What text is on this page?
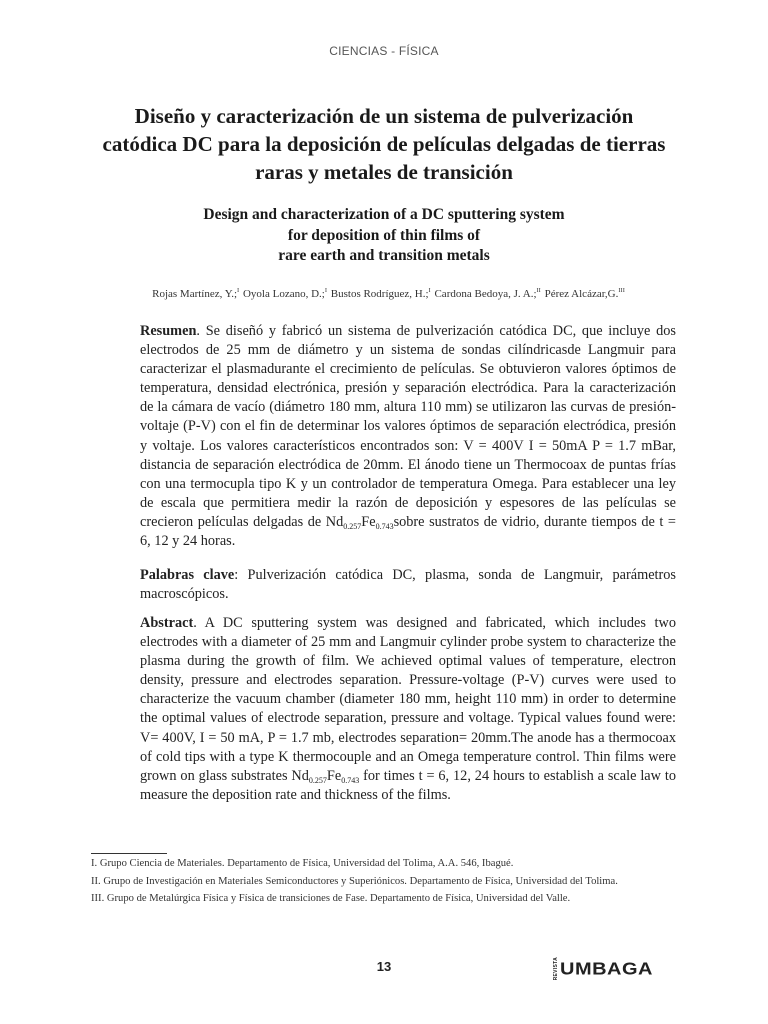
CIENCIAS - FÍSICA
Diseño y caracterización de un sistema de pulverización catódica DC para la deposición de películas delgadas de tierras raras y metales de transición
Design and characterization of a DC sputtering system
for deposition of thin films of
rare earth and transition metals
Rojas Martínez, Y.;$^I$ Oyola Lozano, D.;$^I$ Bustos Rodríguez, H.;$^I$ Cardona Bedoya, J. A.;$^{II}$ Pérez Alcázar,G.$^{III}$
Resumen. Se diseñó y fabricó un sistema de pulverización catódica DC, que incluye dos electrodos de 25 mm de diámetro y un sistema de sondas cilíndricasde Langmuir para caracterizar el plasmadurante el crecimiento de películas. Se obtuvieron valores óptimos de temperatura, densidad electrónica, presión y separación electródica. Para la caracterización de la cámara de vacío (diámetro 180 mm, altura 110 mm) se utilizaron las curvas de presión-voltaje (P-V) con el fin de determinar los valores óptimos de separación electródica, presión y voltaje. Los valores característicos encontrados son: V = 400V I = 50mA P = 1.7 mBar, distancia de separación electródica de 20mm. El ánodo tiene un Thermocoax de puntas frías con una termocupla tipo K y un controlador de temperatura Omega. Para establecer una ley de escala que permitiera medir la razón de deposición y espesores de las películas se crecieron películas delgadas de $Nd_{0.257}Fe_{0.743}sobre$ sustratos de vidrio, durante tiempos de t = 6, 12 y 24 horas.
Palabras clave: Pulverización catódica DC, plasma, sonda de Langmuir, parámetros macroscópicos.
Abstract. A DC sputtering system was designed and fabricated, which includes two electrodes with a diameter of 25 mm and Langmuir cylinder probe system to characterize the plasma during the growth of film. We achieved optimal values of temperature, electron density, pressure and electrodes separation. Pressure-voltage (P-V) curves were used to characterize the vacuum chamber (diameter 180 mm, height 110 mm) in order to determine the optimal values of electrode separation, pressure and voltage. Typical values found were: V= 400V, I = 50 mA, P = 1.7 mb, electrodes separation= 20mm.The anode has a thermocoax of cold tips with a type K thermocouple and an Omega temperature control. Thin films were grown on glass substrates $Nd_{0.257}Fe_{0.743}$ for times t = 6, 12, 24 hours to establish a scale law to measure the deposition rate and thickness of the films.

I. Grupo Ciencia de Materiales. Departamento de Física, Universidad del Tolima, A.A. 546, Ibagué.

II. Grupo de Investigación en Materiales Semiconductores y Superiónicos. Departamento de Física, Universidad del Tolima.

III. Grupo de Metalúrgica Física y Física de transiciones de Fase. Departamento de Física, Universidad del Valle.

13	REVISTA UMBAGA
